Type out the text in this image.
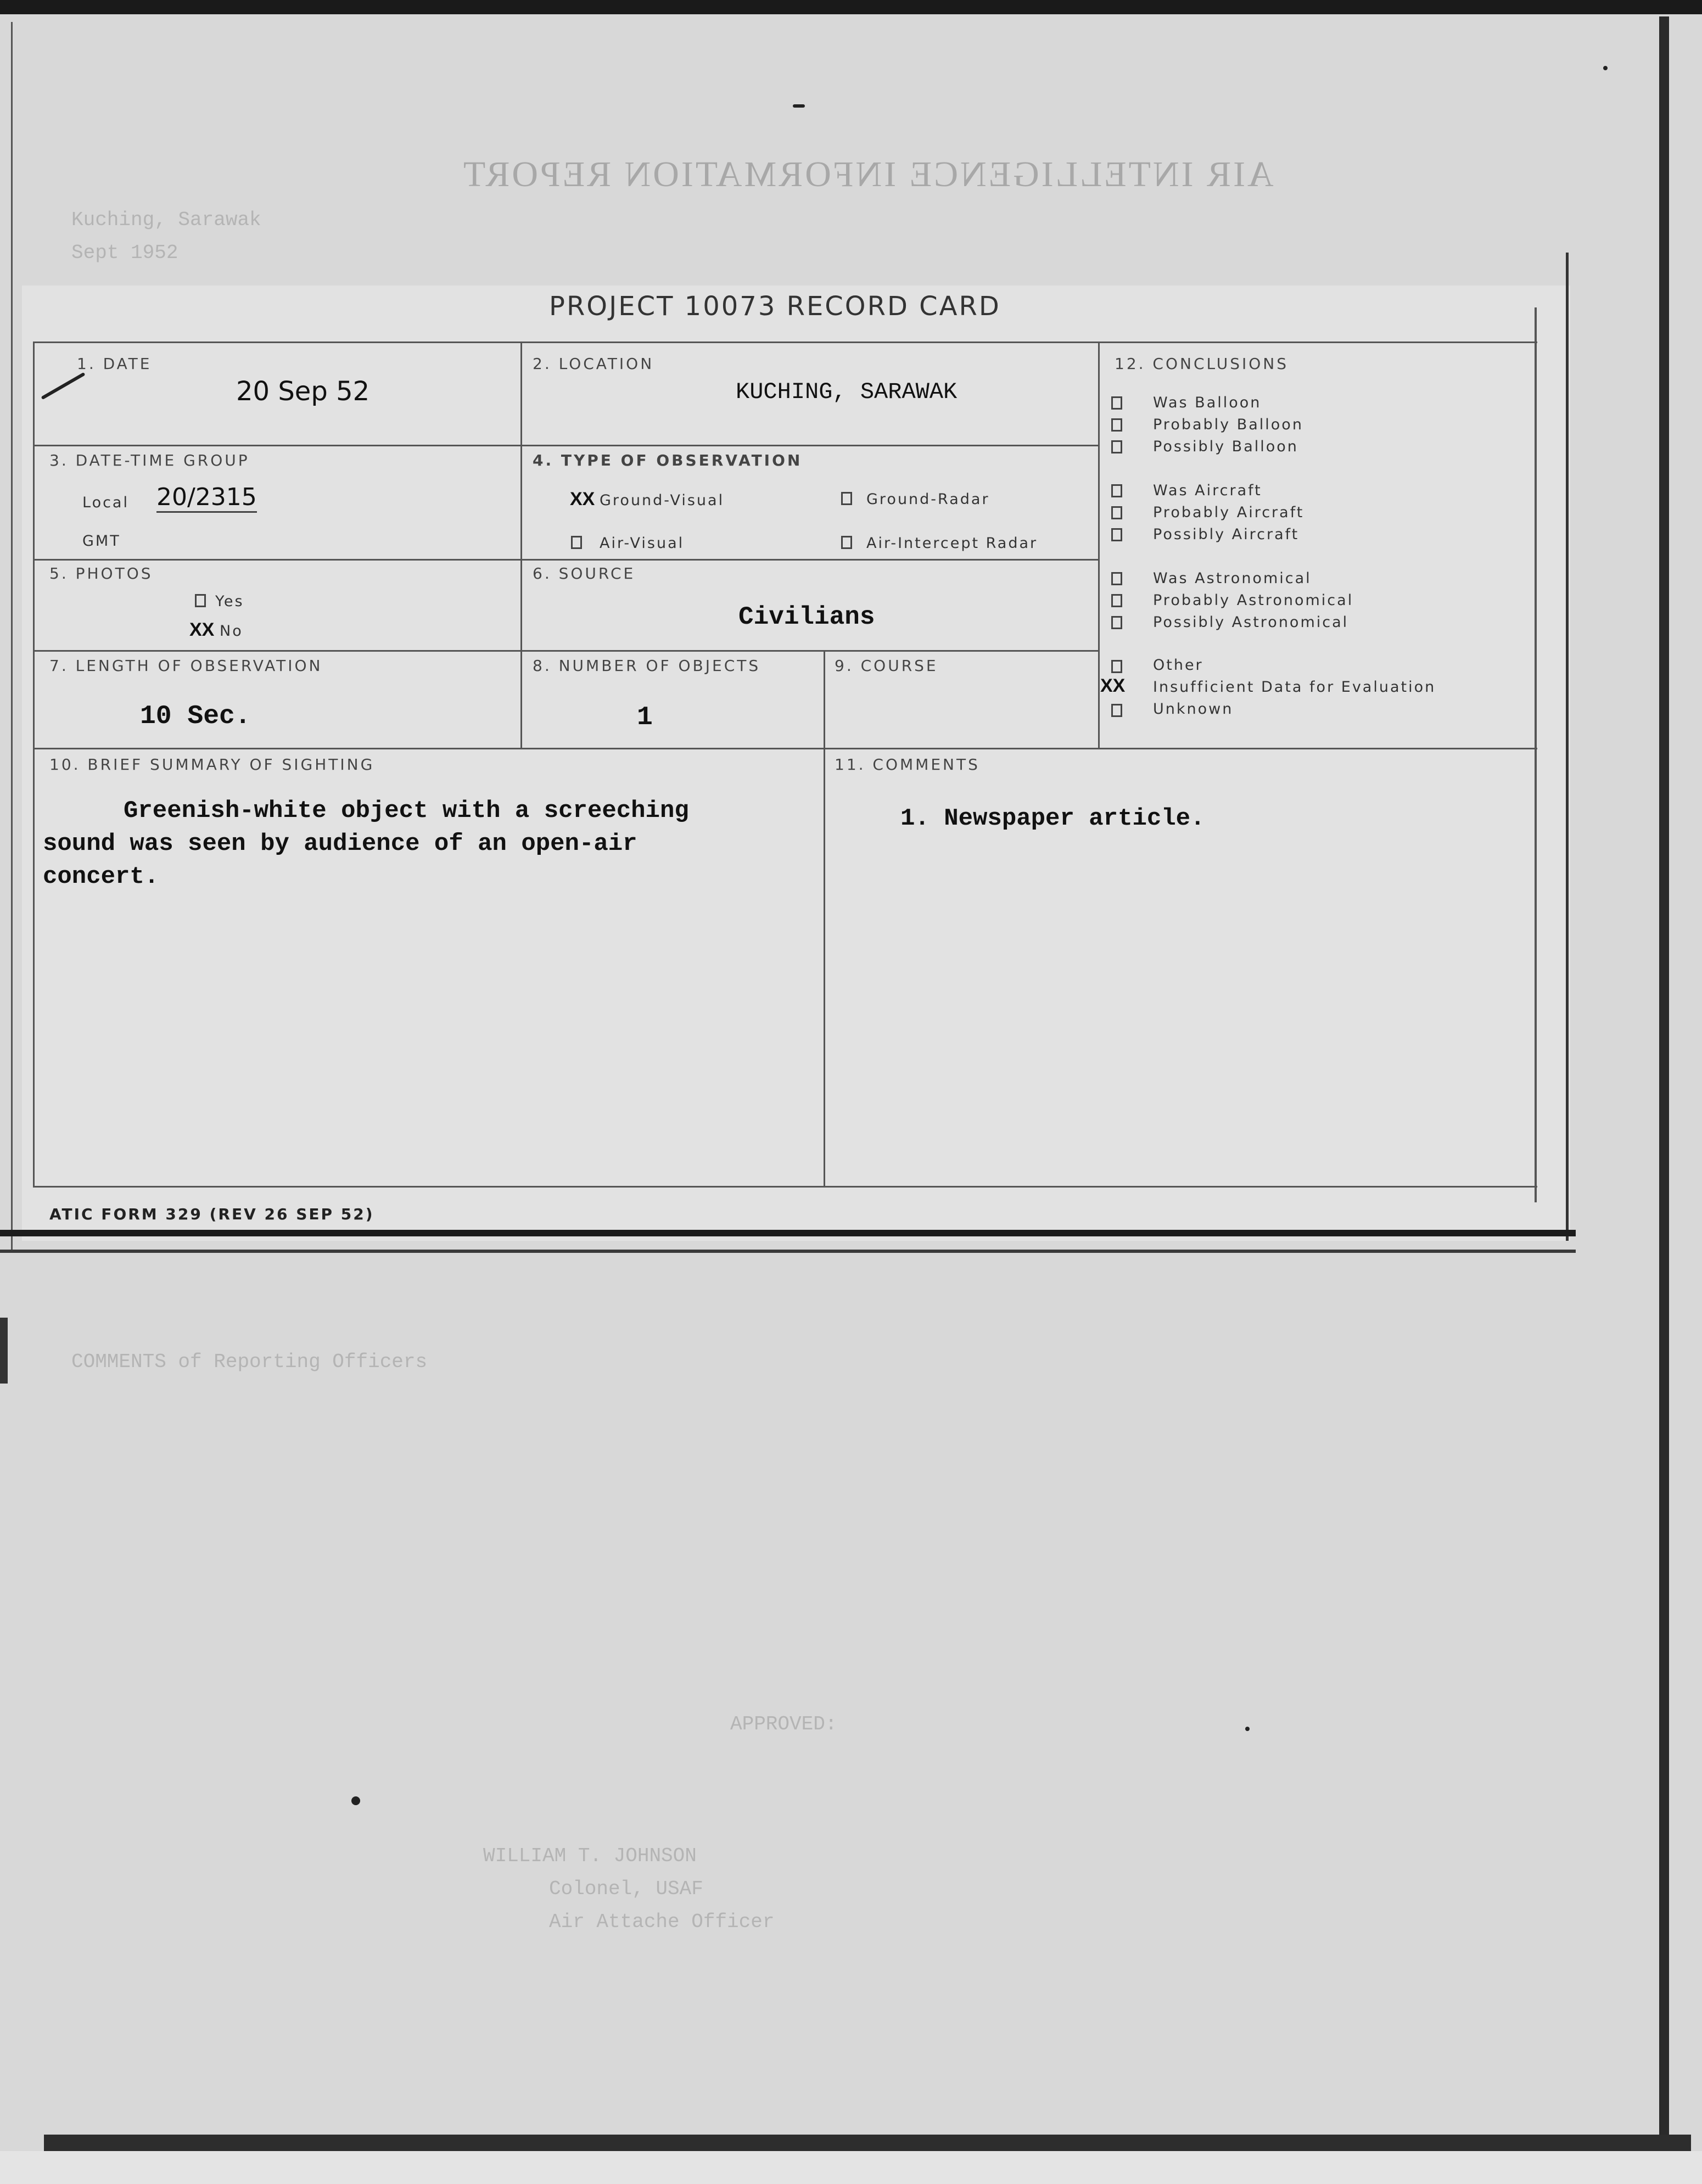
AIR INTELLIGENCE INFORMATION REPORT
Kuching, Sarawak
Sept 1952
COMMENTS of Reporting Officers
APPROVED:
WILLIAM T. JOHNSON
Colonel, USAF
Air Attache Officer
PROJECT 10073 RECORD CARD
1. DATE
20 Sep 52
2. LOCATION
KUCHING, SARAWAK
3. DATE-TIME GROUP
Local 20/2315
GMT
4. TYPE OF OBSERVATION
XX Ground-Visual	Ground-Radar
Air-Visual	Air-Intercept Radar
5. PHOTOS
Yes
XX No
6. SOURCE
Civilians
7. LENGTH OF OBSERVATION
10 Sec.
8. NUMBER OF OBJECTS
1
9. COURSE
10. BRIEF SUMMARY OF SIGHTING
Greenish-white object with a screeching
sound was seen by audience of an open-air
concert.
11. COMMENTS
1. Newspaper article.
12. CONCLUSIONS
Was Balloon
Probably Balloon
Possibly Balloon
Was Aircraft
Probably Aircraft
Possibly Aircraft
Was Astronomical
Probably Astronomical
Possibly Astronomical
Other
XX Insufficient Data for Evaluation
Unknown
ATIC FORM 329 (REV 26 SEP 52)
